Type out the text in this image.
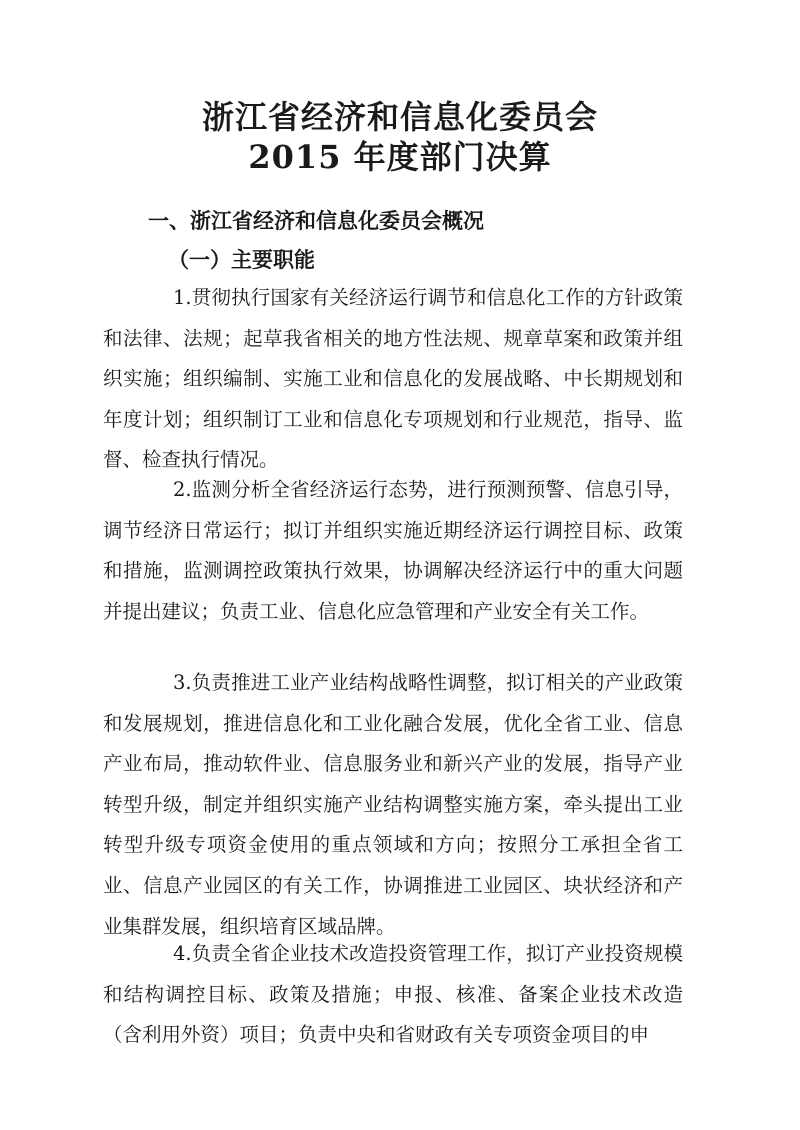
浙江省经济和信息化委员会
2015 年度部门决算
一、浙江省经济和信息化委员会概况
（一）主要职能

1.贯彻执行国家有关经济运行调节和信息化工作的方针政策和法律、法规；起草我省相关的地方性法规、规章草案和政策并组织实施；组织编制、实施工业和信息化的发展战略、中长期规划和年度计划；组织制订工业和信息化专项规划和行业规范，指导、监督、检查执行情况。

2.监测分析全省经济运行态势，进行预测预警、信息引导，调节经济日常运行；拟订并组织实施近期经济运行调控目标、政策和措施，监测调控政策执行效果，协调解决经济运行中的重大问题并提出建议；负责工业、信息化应急管理和产业安全有关工作。

3.负责推进工业产业结构战略性调整，拟订相关的产业政策和发展规划，推进信息化和工业化融合发展，优化全省工业、信息产业布局，推动软件业、信息服务业和新兴产业的发展，指导产业转型升级，制定并组织实施产业结构调整实施方案，牵头提出工业转型升级专项资金使用的重点领域和方向；按照分工承担全省工业、信息产业园区的有关工作，协调推进工业园区、块状经济和产业集群发展，组织培育区域品牌。

4.负责全省企业技术改造投资管理工作，拟订产业投资规模和结构调控目标、政策及措施；申报、核准、备案企业技术改造（含利用外资）项目；负责中央和省财政有关专项资金项目的申
